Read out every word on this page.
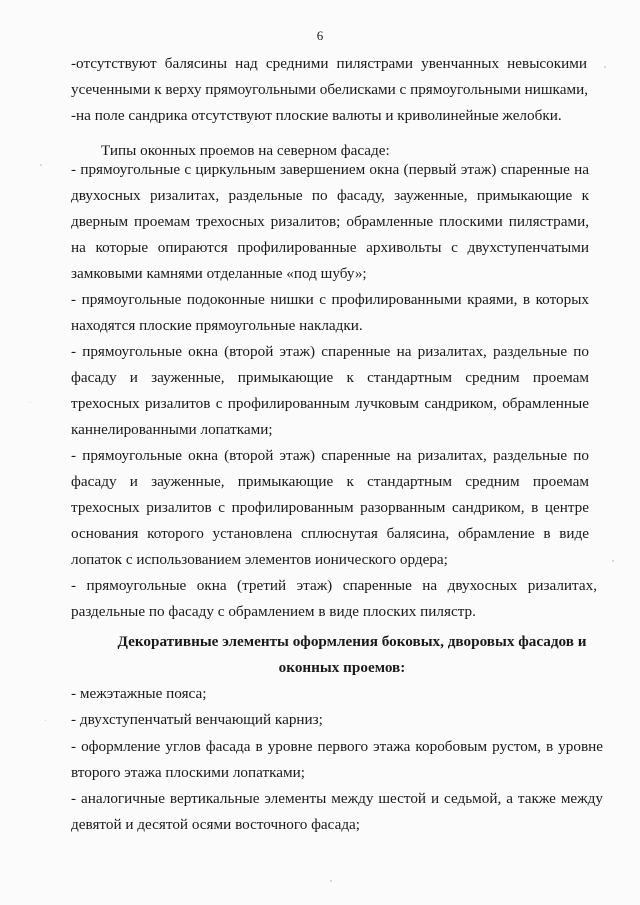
6
-отсутствуют балясины над средними пилястрами увенчанных невысокими
усеченными к верху прямоугольными обелисками с прямоугольными нишками,
-на поле сандрика отсутствуют плоские валюты и криволинейные желобки.
Типы оконных проемов на северном фасаде:
- прямоугольные с циркульным завершением окна (первый этаж) спаренные на
двухосных ризалитах, раздельные по фасаду, зауженные, примыкающие к
дверным проемам трехосных ризалитов; обрамленные плоскими пилястрами,
на которые опираются профилированные архивольты с двухступенчатыми
замковыми камнями отделанные «под шубу»;
- прямоугольные подоконные нишки с профилированными краями, в которых
находятся плоские прямоугольные накладки.
- прямоугольные окна (второй этаж) спаренные на ризалитах, раздельные по
фасаду и зауженные, примыкающие к стандартным средним проемам
трехосных ризалитов с профилированным лучковым сандриком, обрамленные
каннелированными лопатками;
- прямоугольные окна (второй этаж) спаренные на ризалитах, раздельные по
фасаду и зауженные, примыкающие к стандартным средним проемам
трехосных ризалитов с профилированным разорванным сандриком, в центре
основания которого установлена сплюснутая балясина, обрамление в виде
лопаток с использованием элементов ионического ордера;
- прямоугольные окна (третий этаж) спаренные на двухосных ризалитах,
раздельные по фасаду с обрамлением в виде плоских пилястр.
Декоративные элементы оформления боковых, дворовых фасадов и
оконных проемов:
- межэтажные пояса;
- двухступенчатый венчающий карниз;
- оформление углов фасада в уровне первого этажа коробовым рустом, в уровне
второго этажа плоскими лопатками;
- аналогичные вертикальные элементы между шестой и седьмой, а также между
девятой и десятой осями восточного фасада;
